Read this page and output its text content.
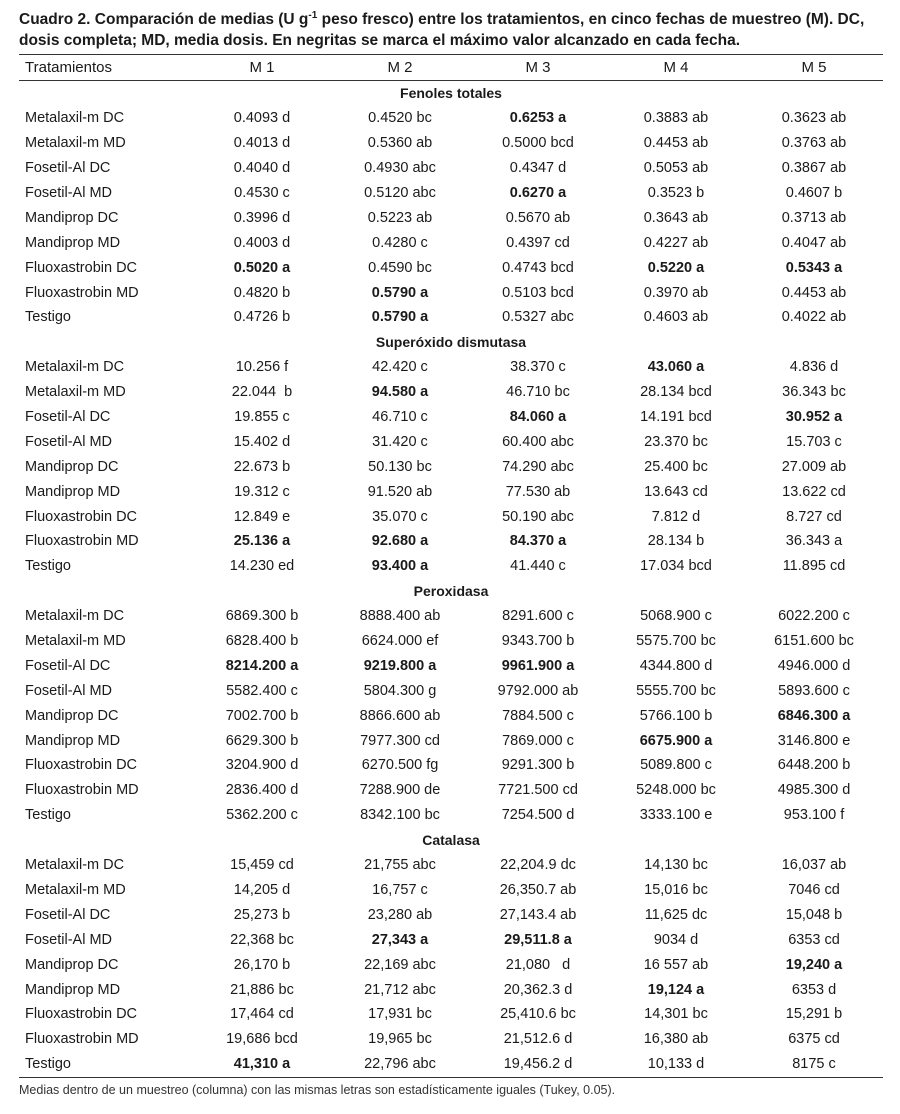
Cuadro 2. Comparación de medias (U $g^{-1}$ peso fresco) entre los tratamientos, en cinco fechas de muestreo (M). DC, dosis completa; MD, media dosis. En negritas se marca el máximo valor alcanzado en cada fecha.
Tratamientos	M 1	M 2	M 3	M 4	M 5
Fenoles totales					
Metalaxil-m DC	0.4093 d	0.4520 bc	0.6253 a	0.3883 ab	0.3623 ab
Metalaxil-m MD	0.4013 d	0.5360 ab	0.5000 bcd	0.4453 ab	0.3763 ab
Fosetil-Al DC	0.4040 d	0.4930 abc	0.4347 d	0.5053 ab	0.3867 ab
Fosetil-Al MD	0.4530 c	0.5120 abc	0.6270 a	0.3523 b	0.4607 b
Mandiprop DC	0.3996 d	0.5223 ab	0.5670 ab	0.3643 ab	0.3713 ab
Mandiprop MD	0.4003 d	0.4280 c	0.4397 cd	0.4227 ab	0.4047 ab
Fluoxastrobin DC	0.5020 a	0.4590 bc	0.4743 bcd	0.5220 a	0.5343 a
Fluoxastrobin MD	0.4820 b	0.5790 a	0.5103 bcd	0.3970 ab	0.4453 ab
Testigo	0.4726 b	0.5790 a	0.5327 abc	0.4603 ab	0.4022 ab
Superóxido dismutasa					
Metalaxil-m DC	10.256 f	42.420 c	38.370 c	43.060 a	4.836 d
Metalaxil-m MD	22.044  b	94.580 a	46.710 bc	28.134 bcd	36.343 bc
Fosetil-Al DC	19.855 c	46.710 c	84.060 a	14.191 bcd	30.952 a
Fosetil-Al MD	15.402 d	31.420 c	60.400 abc	23.370 bc	15.703 c
Mandiprop DC	22.673 b	50.130 bc	74.290 abc	25.400 bc	27.009 ab
Mandiprop MD	19.312 c	91.520 ab	77.530 ab	13.643 cd	13.622 cd
Fluoxastrobin DC	12.849 e	35.070 c	50.190 abc	7.812 d	8.727 cd
Fluoxastrobin MD	25.136 a	92.680 a	84.370 a	28.134 b	36.343 a
Testigo	14.230 ed	93.400 a	41.440 c	17.034 bcd	11.895 cd
Peroxidasa					
Metalaxil-m DC	6869.300 b	8888.400 ab	8291.600 c	5068.900 c	6022.200 c
Metalaxil-m MD	6828.400 b	6624.000 ef	9343.700 b	5575.700 bc	6151.600 bc
Fosetil-Al DC	8214.200 a	9219.800 a	9961.900 a	4344.800 d	4946.000 d
Fosetil-Al MD	5582.400 c	5804.300 g	9792.000 ab	5555.700 bc	5893.600 c
Mandiprop DC	7002.700 b	8866.600 ab	7884.500 c	5766.100 b	6846.300 a
Mandiprop MD	6629.300 b	7977.300 cd	7869.000 c	6675.900 a	3146.800 e
Fluoxastrobin DC	3204.900 d	6270.500 fg	9291.300 b	5089.800 c	6448.200 b
Fluoxastrobin MD	2836.400 d	7288.900 de	7721.500 cd	5248.000 bc	4985.300 d
Testigo	5362.200 c	8342.100 bc	7254.500 d	3333.100 e	953.100 f
Catalasa					
Metalaxil-m DC	15,459 cd	21,755 abc	22,204.9 dc	14,130 bc	16,037 ab
Metalaxil-m MD	14,205 d	16,757 c	26,350.7 ab	15,016 bc	7046 cd
Fosetil-Al DC	25,273 b	23,280 ab	27,143.4 ab	11,625 dc	15,048 b
Fosetil-Al MD	22,368 bc	27,343 a	29,511.8 a	9034 d	6353 cd
Mandiprop DC	26,170 b	22,169 abc	21,080   d	16 557 ab	19,240 a
Mandiprop MD	21,886 bc	21,712 abc	20,362.3 d	19,124 a	6353 d
Fluoxastrobin DC	17,464 cd	17,931 bc	25,410.6 bc	14,301 bc	15,291 b
Fluoxastrobin MD	19,686 bcd	19,965 bc	21,512.6 d	16,380 ab	6375 cd
Testigo	41,310 a	22,796 abc	19,456.2 d	10,133 d	8175 c
Medias dentro de un muestreo (columna) con las mismas letras son estadísticamente iguales (Tukey, 0.05).
